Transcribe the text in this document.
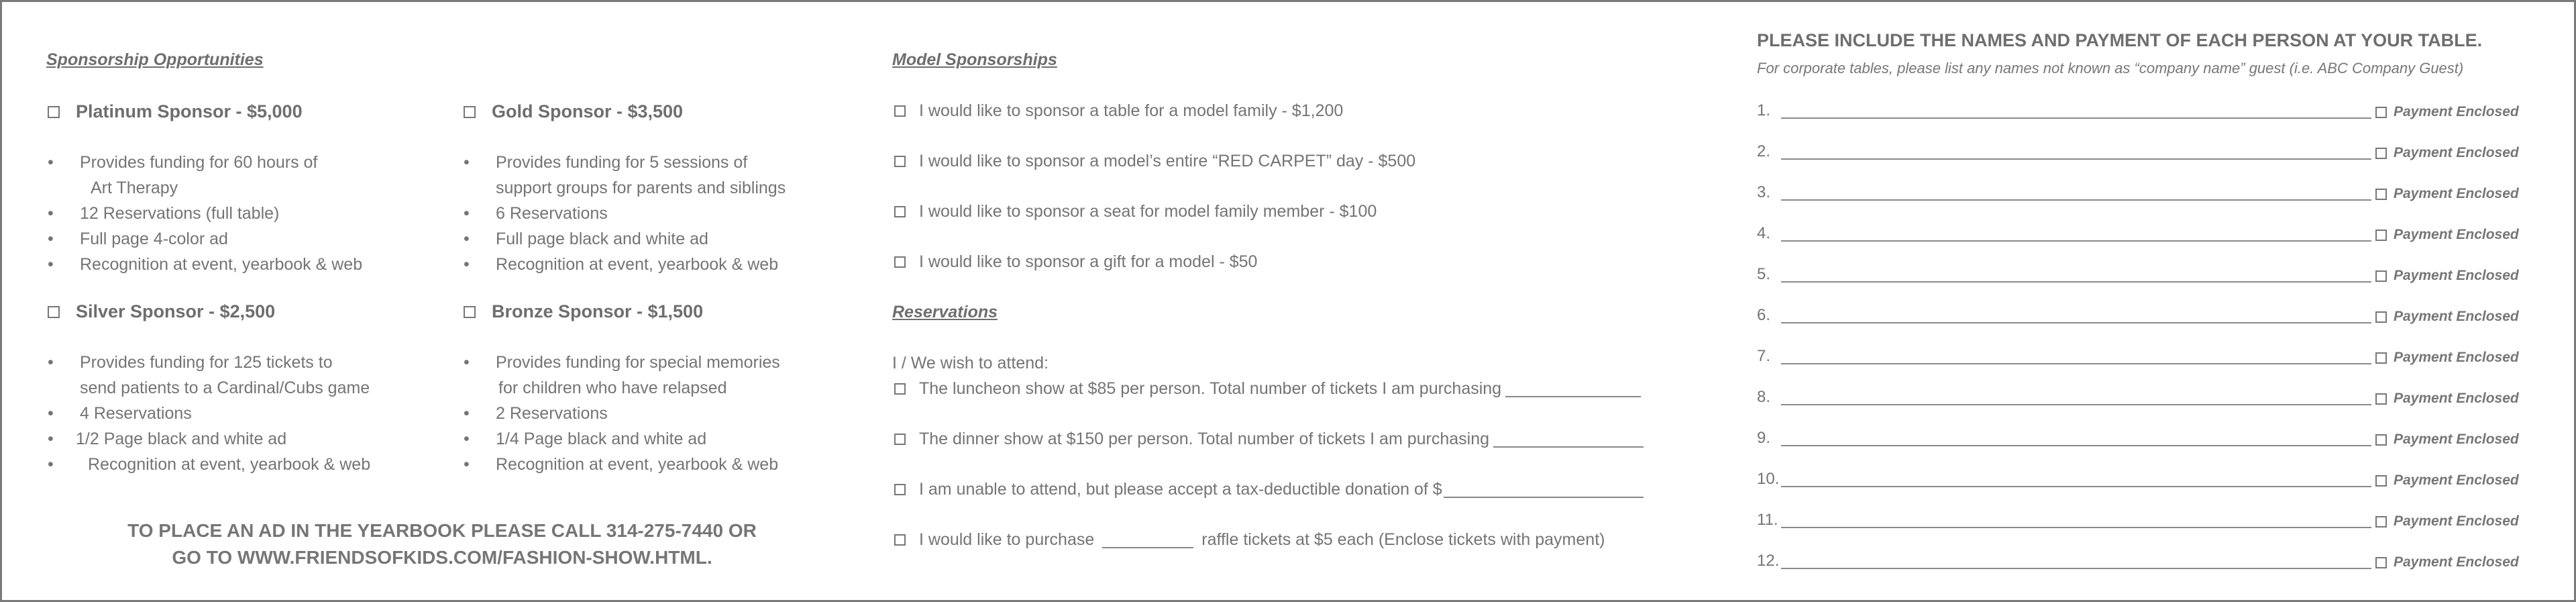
Sponsorship Opportunities
Platinum Sponsor - $5,000
• Provides funding for 60 hours of
Art Therapy
• 12 Reservations (full table)
• Full page 4-color ad
• Recognition at event, yearbook & web
Gold Sponsor - $3,500
• Provides funding for 5 sessions of
support groups for parents and siblings
• 6 Reservations
• Full page black and white ad
• Recognition at event, yearbook & web
Silver Sponsor - $2,500
• Provides funding for 125 tickets to
send patients to a Cardinal/Cubs game
• 4 Reservations
• 1/2 Page black and white ad
• Recognition at event, yearbook & web
Bronze Sponsor - $1,500
• Provides funding for special memories
for children who have relapsed
• 2 Reservations
• 1/4 Page black and white ad
• Recognition at event, yearbook & web
TO PLACE AN AD IN THE YEARBOOK PLEASE CALL 314-275-7440 OR
GO TO WWW.FRIENDSOFKIDS.COM/FASHION-SHOW.HTML.
Model Sponsorships
I would like to sponsor a table for a model family - $1,200
I would like to sponsor a model’s entire “RED CARPET” day - $500
I would like to sponsor a seat for model family member - $100
I would like to sponsor a gift for a model - $50
Reservations
I / We wish to attend:
The luncheon show at $85 per person. Total number of tickets I am purchasing
The dinner show at $150 per person. Total number of tickets I am purchasing
I am unable to attend, but please accept a tax-deductible donation of $
I would like to purchase	raffle tickets at $5 each (Enclose tickets with payment)
PLEASE INCLUDE THE NAMES AND PAYMENT OF EACH PERSON AT YOUR TABLE.
For corporate tables, please list any names not known as “company name” guest (i.e. ABC Company Guest)
1.	Payment Enclosed
2.	Payment Enclosed
3.	Payment Enclosed
4.	Payment Enclosed
5.	Payment Enclosed
6.	Payment Enclosed
7.	Payment Enclosed
8.	Payment Enclosed
9.	Payment Enclosed
10.	Payment Enclosed
11.	Payment Enclosed
12.	Payment Enclosed
